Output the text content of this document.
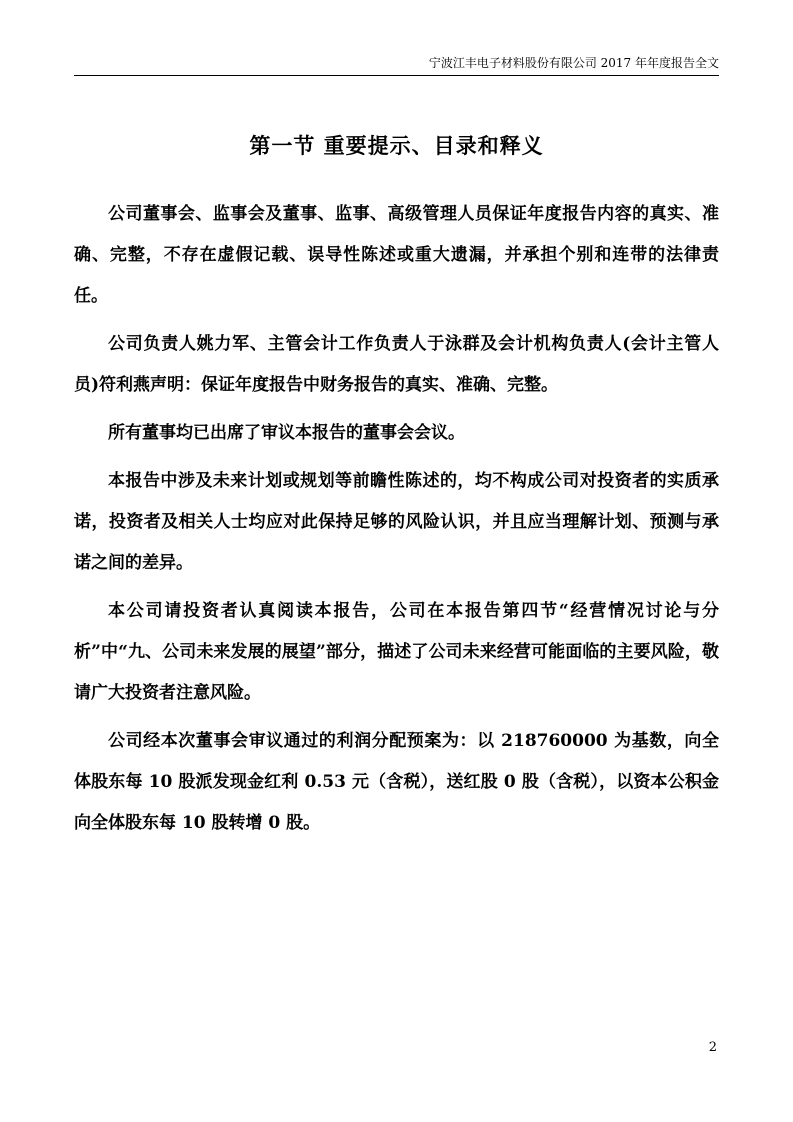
宁波江丰电子材料股份有限公司 2017 年年度报告全文
第一节 重要提示、目录和释义

公司董事会、监事会及董事、监事、高级管理人员保证年度报告内容的真实、准确、完整，不存在虚假记载、误导性陈述或重大遗漏，并承担个别和连带的法律责任。

公司负责人姚力军、主管会计工作负责人于泳群及会计机构负责人(会计主管人员)符利燕声明：保证年度报告中财务报告的真实、准确、完整。

所有董事均已出席了审议本报告的董事会会议。

本报告中涉及未来计划或规划等前瞻性陈述的，均不构成公司对投资者的实质承诺，投资者及相关人士均应对此保持足够的风险认识，并且应当理解计划、预测与承诺之间的差异。

本公司请投资者认真阅读本报告，公司在本报告第四节“经营情况讨论与分析”中“九、公司未来发展的展望”部分，描述了公司未来经营可能面临的主要风险，敬请广大投资者注意风险。

公司经本次董事会审议通过的利润分配预案为：以 218760000 为基数，向全体股东每 10 股派发现金红利 0.53 元（含税），送红股 0 股（含税），以资本公积金向全体股东每 10 股转增 0 股。

2
